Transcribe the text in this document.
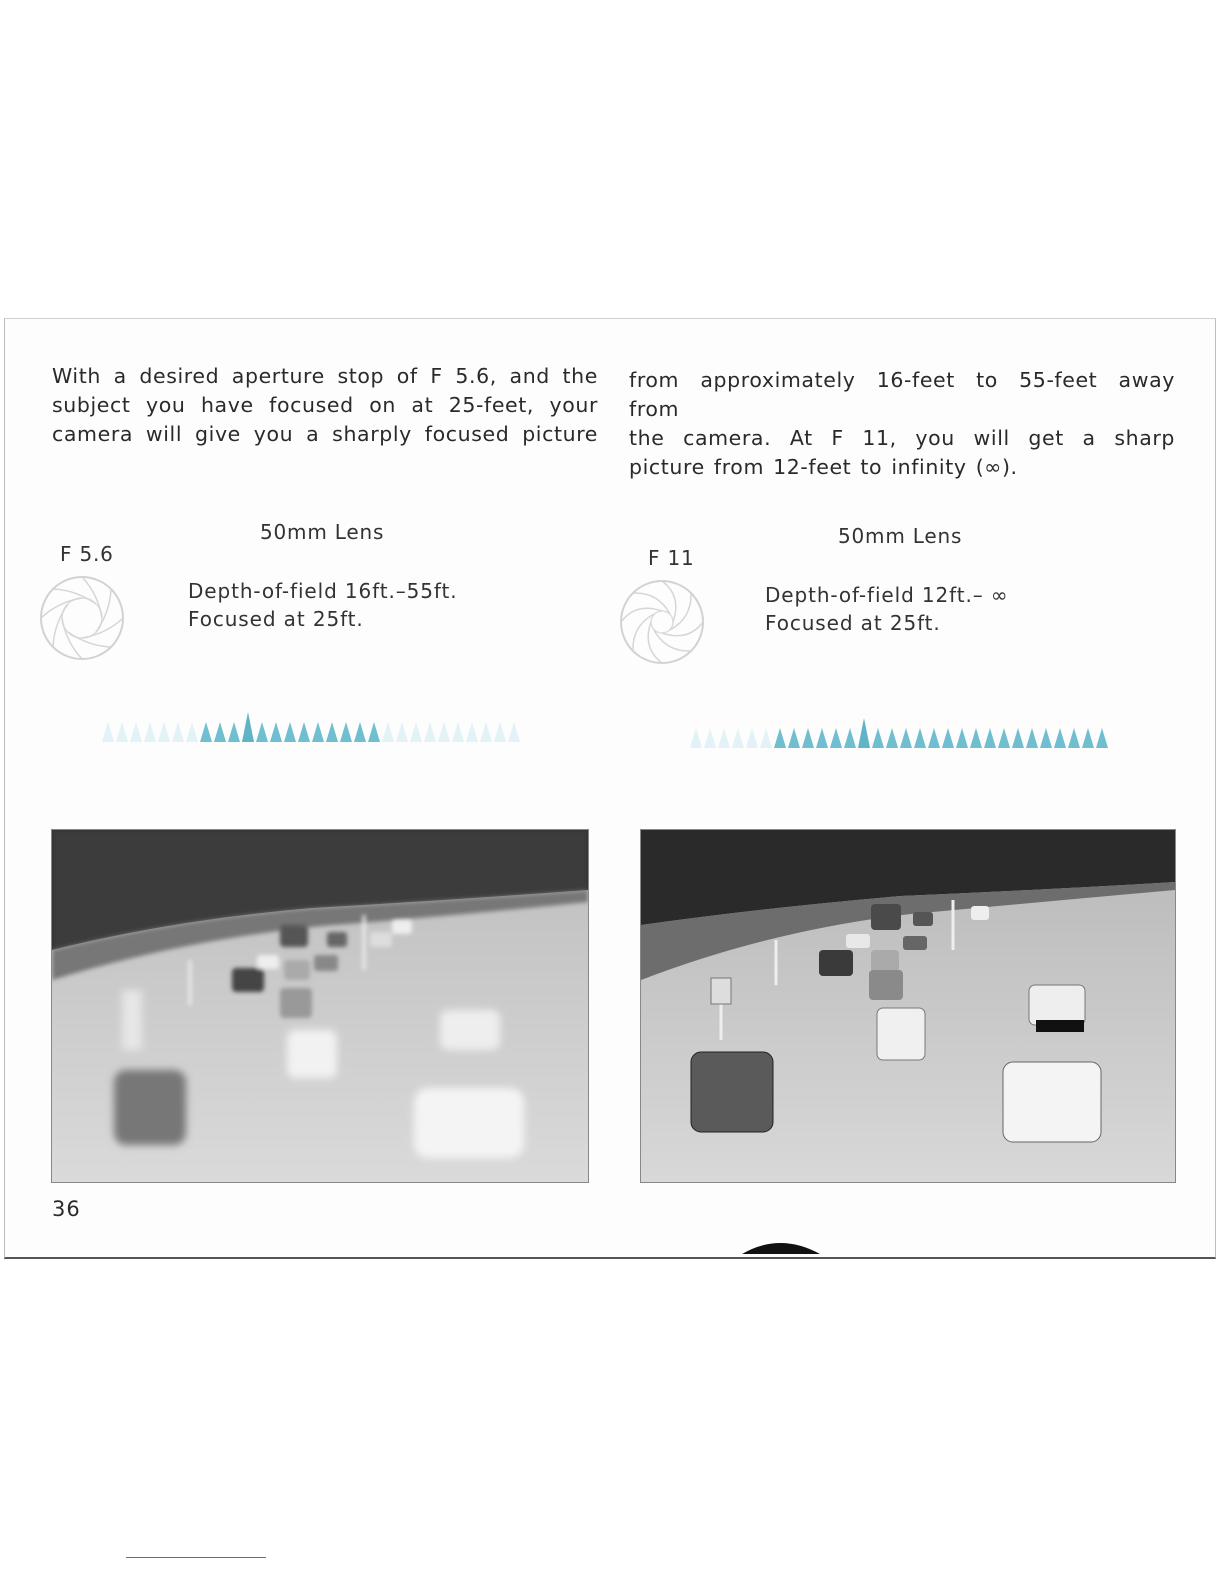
With a desired aperture stop of F 5.6, and the
subject you have focused on at 25-feet, your
camera will give you a sharply focused picture
from approximately 16-feet to 55-feet away from
the camera. At F 11, you will get a sharp
picture from 12-feet to infinity (∞).
50mm Lens
F 5.6
Depth-of-field 16ft.–55ft.
Focused at 25ft.
50mm Lens
F 11
Depth-of-field 12ft.– ∞
Focused at 25ft.
36
